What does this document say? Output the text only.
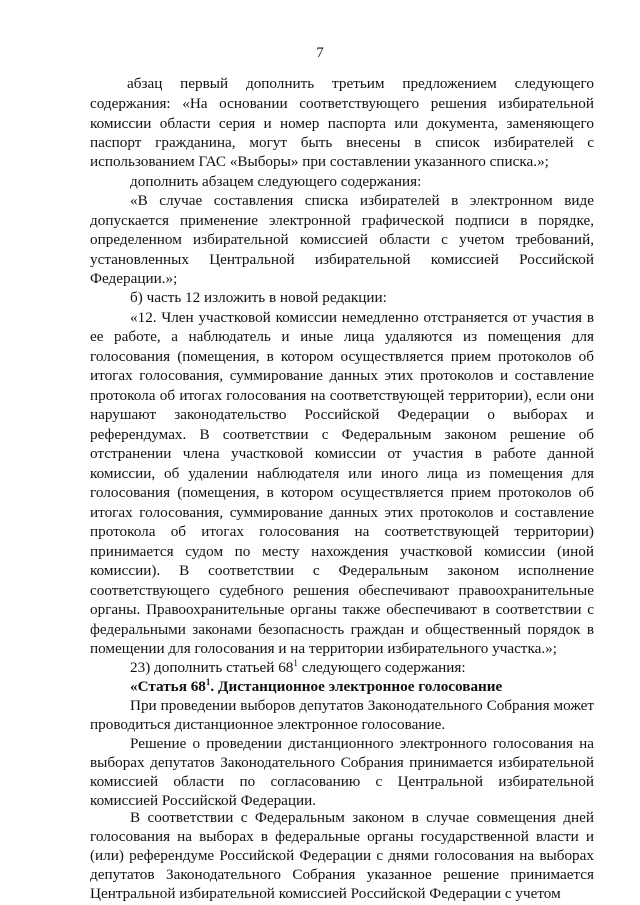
7
абзац первый дополнить третьим предложением следующего
содержания: «На основании соответствующего решения избирательной
комиссии области серия и номер паспорта или документа, заменяющего
паспорт гражданина, могут быть внесены в список избирателей с
использованием ГАС «Выборы» при составлении указанного списка.»;
дополнить абзацем следующего содержания:
«В случае составления списка избирателей в электронном виде
допускается применение электронной графической подписи в порядке,
определенном избирательной комиссией области с учетом требований,
установленных Центральной избирательной комиссией Российской
Федерации.»;
б) часть 12 изложить в новой редакции:
«12. Член участковой комиссии немедленно отстраняется от участия в
ее работе, а наблюдатель и иные лица удаляются из помещения для
голосования (помещения, в котором осуществляется прием протоколов об
итогах голосования, суммирование данных этих протоколов и составление
протокола об итогах голосования на соответствующей территории), если они
нарушают законодательство Российской Федерации о выборах и
референдумах. В соответствии с Федеральным законом решение об
отстранении члена участковой комиссии от участия в работе данной
комиссии, об удалении наблюдателя или иного лица из помещения для
голосования (помещения, в котором осуществляется прием протоколов об
итогах голосования, суммирование данных этих протоколов и составление
протокола об итогах голосования на соответствующей территории)
принимается судом по месту нахождения участковой комиссии (иной
комиссии). В соответствии с Федеральным законом исполнение
соответствующего судебного решения обеспечивают правоохранительные
органы. Правоохранительные органы также обеспечивают в соответствии с
федеральными законами безопасность граждан и общественный порядок в
помещении для голосования и на территории избирательного участка.»;
23) дополнить статьей $68^1$ следующего содержания:
«Статья $68^1$. Дистанционное электронное голосование
При проведении выборов депутатов Законодательного Собрания может
проводиться дистанционное электронное голосование.
Решение о проведении дистанционного электронного голосования на
выборах депутатов Законодательного Собрания принимается избирательной
комиссией области по согласованию с Центральной избирательной
комиссией Российской Федерации.
В соответствии с Федеральным законом в случае совмещения дней
голосования на выборах в федеральные органы государственной власти и
(или) референдуме Российской Федерации с днями голосования на выборах
депутатов Законодательного Собрания указанное решение принимается
Центральной избирательной комиссией Российской Федерации с учетом
